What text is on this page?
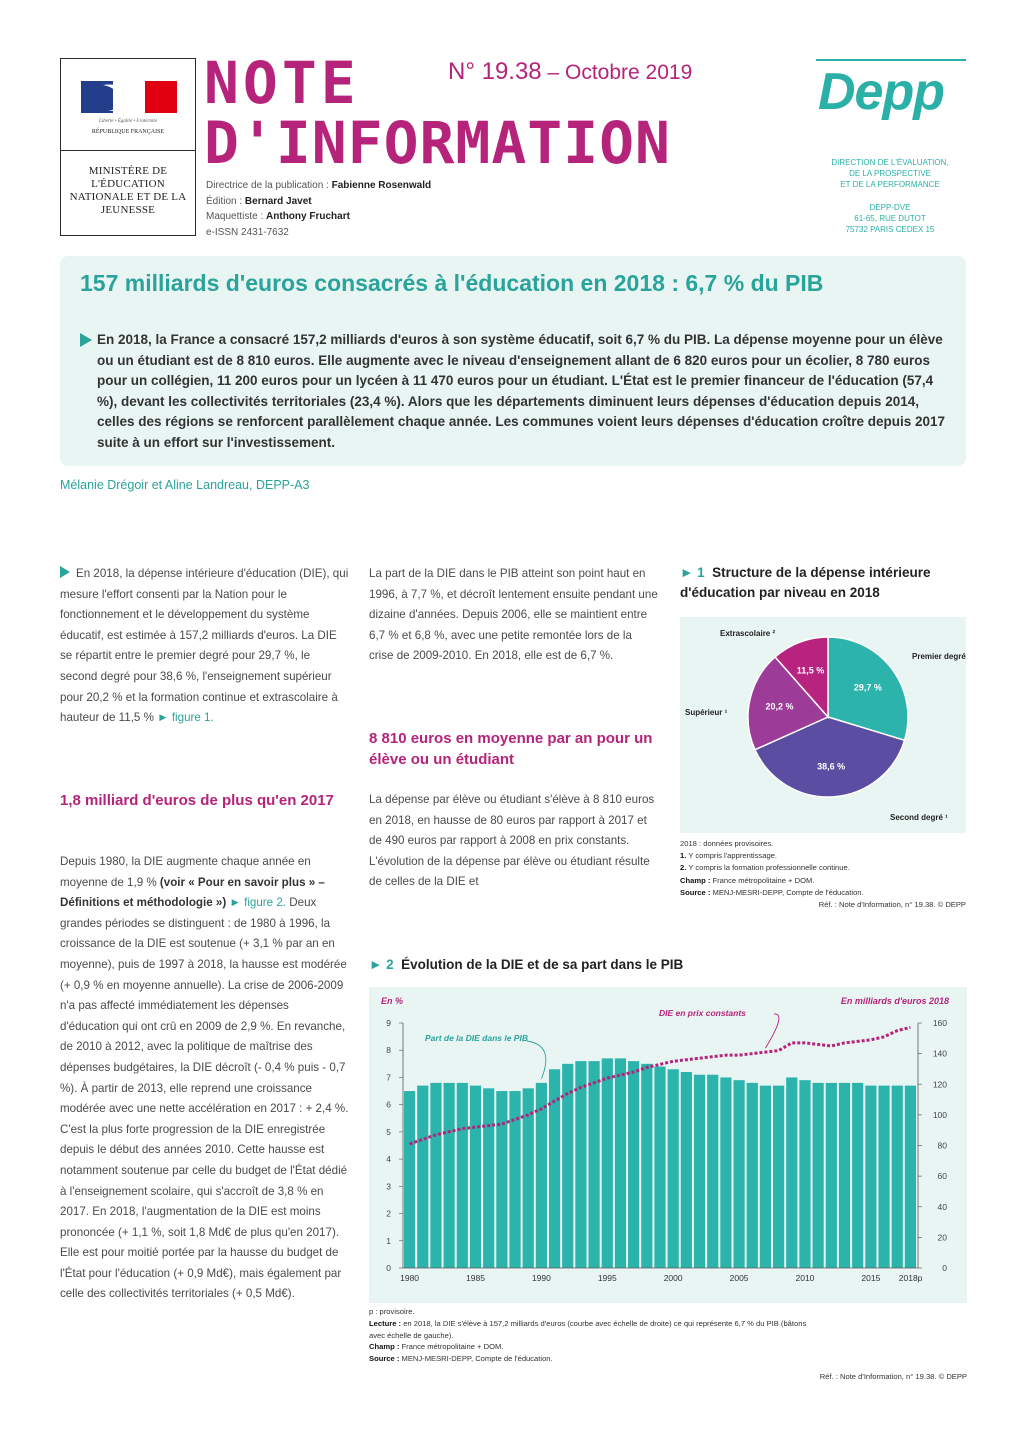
Liberté • Égalité • Fraternité
RÉPUBLIQUE FRANÇAISE
MINISTÈRE DE L'ÉDUCATION NATIONALE ET DE LA JEUNESSE
NOTE
D'INFORMATION
N° 19.38 – Octobre 2019
Directrice de la publication : Fabienne Rosenwald
Édition : Bernard Javet
Maquettiste : Anthony Fruchart
e-ISSN 2431-7632
Depp
DIRECTION DE L'ÉVALUATION,
DE LA PROSPECTIVE
ET DE LA PERFORMANCE
DEPP-DVE
61-65, RUE DUTOT
75732 PARIS CEDEX 15
157 milliards d'euros consacrés à l'éducation en 2018 : 6,7 % du PIB
En 2018, la France a consacré 157,2 milliards d'euros à son système éducatif, soit 6,7 % du PIB. La dépense moyenne pour un élève ou un étudiant est de 8 810 euros. Elle augmente avec le niveau d'enseignement allant de 6 820 euros pour un écolier, 8 780 euros pour un collégien, 11 200 euros pour un lycéen à 11 470 euros pour un étudiant. L'État est le premier financeur de l'éducation (57,4 %), devant les collectivités territoriales (23,4 %). Alors que les départements diminuent leurs dépenses d'éducation depuis 2014, celles des régions se renforcent parallèlement chaque année. Les communes voient leurs dépenses d'éducation croître depuis 2017 suite à un effort sur l'investissement.
Mélanie Drégoir et Aline Landreau, DEPP-A3
En 2018, la dépense intérieure d'éducation (DIE), qui mesure l'effort consenti par la Nation pour le fonctionnement et le développement du système éducatif, est estimée à 157,2 milliards d'euros. La DIE se répartit entre le premier degré pour 29,7 %, le second degré pour 38,6 %, l'enseignement supérieur pour 20,2 % et la formation continue et extrascolaire à hauteur de 11,5 % ► figure 1.
1,8 milliard d'euros de plus qu'en 2017
Depuis 1980, la DIE augmente chaque année en moyenne de 1,9 % (voir « Pour en savoir plus » – Définitions et méthodologie ») ► figure 2. Deux grandes périodes se distinguent : de 1980 à 1996, la croissance de la DIE est soutenue (+ 3,1 % par an en moyenne), puis de 1997 à 2018, la hausse est modérée (+ 0,9 % en moyenne annuelle). La crise de 2006-2009 n'a pas affecté immédiatement les dépenses d'éducation qui ont crû en 2009 de 2,9 %. En revanche, de 2010 à 2012, avec la politique de maîtrise des dépenses budgétaires, la DIE décroît (- 0,4 % puis - 0,7 %). À partir de 2013, elle reprend une croissance modérée avec une nette accélération en 2017 : + 2,4 %. C'est la plus forte progression de la DIE enregistrée depuis le début des années 2010. Cette hausse est notamment soutenue par celle du budget de l'État dédié à l'enseignement scolaire, qui s'accroît de 3,8 % en 2017. En 2018, l'augmentation de la DIE est moins prononcée (+ 1,1 %, soit 1,8 Md€ de plus qu'en 2017). Elle est pour moitié portée par la hausse du budget de l'État pour l'éducation (+ 0,9 Md€), mais également par celle des collectivités territoriales (+ 0,5 Md€).
La part de la DIE dans le PIB atteint son point haut en 1996, à 7,7 %, et décroît lentement ensuite pendant une dizaine d'années. Depuis 2006, elle se maintient entre 6,7 % et 6,8 %, avec une petite remontée lors de la crise de 2009-2010. En 2018, elle est de 6,7 %.
8 810 euros en moyenne par an pour un élève ou un étudiant
La dépense par élève ou étudiant s'élève à 8 810 euros en 2018, en hausse de 80 euros par rapport à 2017 et de 490 euros par rapport à 2008 en prix constants. L'évolution de la dépense par élève ou étudiant résulte de celles de la DIE et
► 1 Structure de la dépense intérieure d'éducation par niveau en 2018
29,7 %
Premier degré
38,6 %
Second degré ¹
20,2 %
Supérieur ¹
11,5 %
Extrascolaire ²
2018 : données provisoires.
1. Y compris l'apprentissage.
2. Y compris la formation professionnelle continue.
Champ : France métropolitaine + DOM.
Source : MENJ-MESRI-DEPP, Compte de l'éducation.
Réf. : Note d'Information, n° 19.38. © DEPP
► 2 Évolution de la DIE et de sa part dans le PIB
En %	En milliards d'euros 2018
0
1
2
3
4
5
6
7
8
9
0
20
40
60
80
100
120
140
160
1980	1985	1990	1995	2000	2005	2010	2015 2018p
Part de la DIE dans le PIB
DIE en prix constants
p : provisoire.
Lecture : en 2018, la DIE s'élève à 157,2 milliards d'euros (courbe avec échelle de droite) ce qui représente 6,7 % du PIB (bâtons
avec échelle de gauche).
Champ : France métropolitaine + DOM.
Source : MENJ-MESRI-DEPP, Compte de l'éducation.
Réf. : Note d'Information, n° 19.38. © DEPP
